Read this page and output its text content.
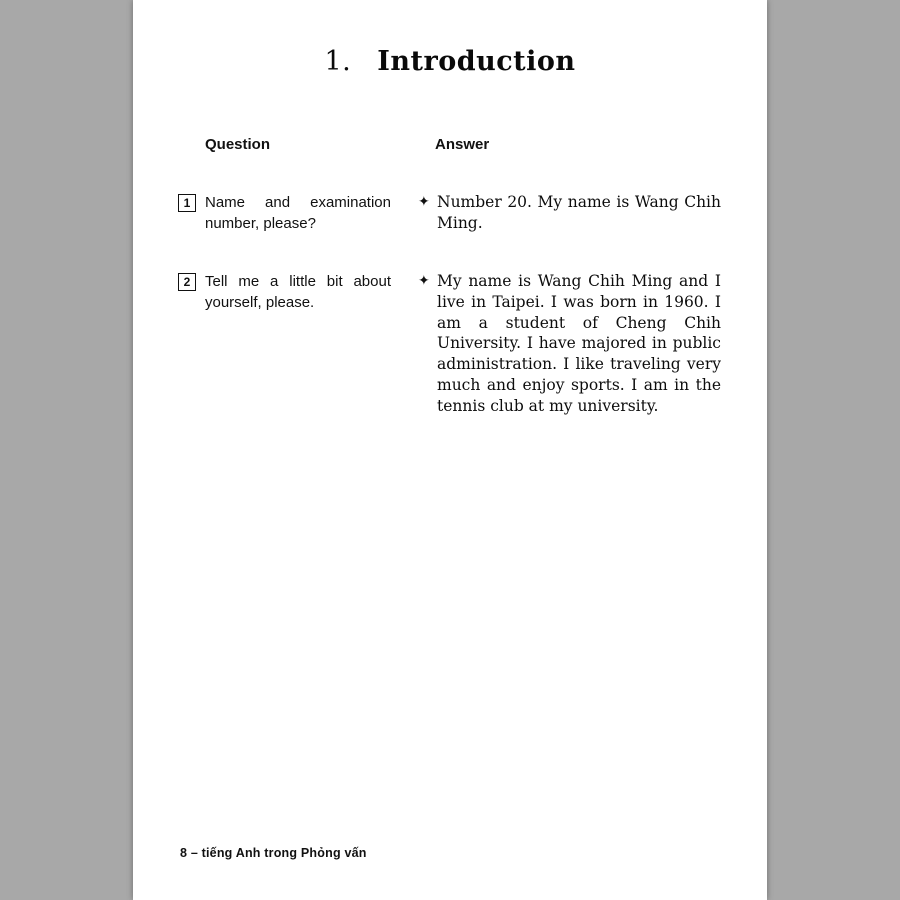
1. Introduction
Question	Answer
1 Name and examination number, please?
✦ Number 20. My name is Wang Chih Ming.
2 Tell me a little bit about yourself, please.
✦ My name is Wang Chih Ming and I live in Taipei. I was born in 1960. I am a student of Cheng Chih University. I have majored in public administration. I like traveling very much and enjoy sports. I am in the tennis club at my university.
8 – tiếng Anh trong Phỏng vấn
